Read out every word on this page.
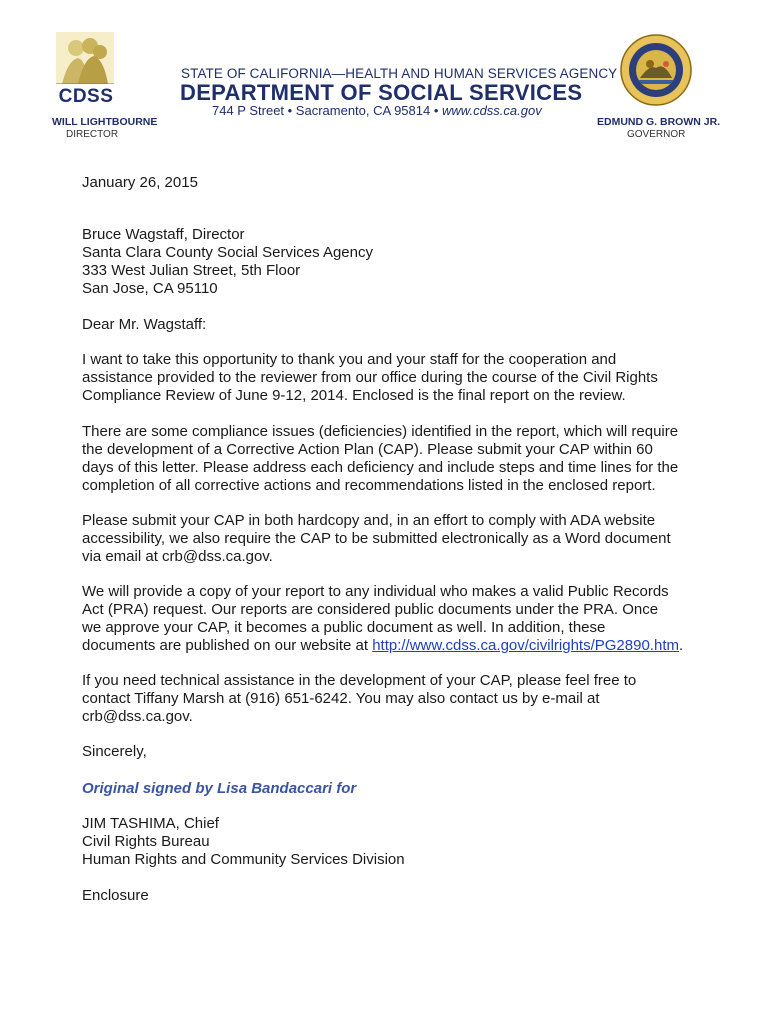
CDSS
WILL LIGHTBOURNE
DIRECTOR
STATE OF CALIFORNIA—HEALTH AND HUMAN SERVICES AGENCY
DEPARTMENT OF SOCIAL SERVICES
744 P Street • Sacramento, CA 95814 • www.cdss.ca.gov
EDMUND G. BROWN JR.
GOVERNOR
January 26, 2015

Bruce Wagstaff, Director

Santa Clara County Social Services Agency

333 West Julian Street, 5th Floor

San Jose, CA 95110

Dear Mr. Wagstaff:

I want to take this opportunity to thank you and your staff for the cooperation and

assistance provided to the reviewer from our office during the course of the Civil Rights

Compliance Review of June 9-12, 2014. Enclosed is the final report on the review.

There are some compliance issues (deficiencies) identified in the report, which will require

the development of a Corrective Action Plan (CAP). Please submit your CAP within 60

days of this letter. Please address each deficiency and include steps and time lines for the

completion of all corrective actions and recommendations listed in the enclosed report.

Please submit your CAP in both hardcopy and, in an effort to comply with ADA website

accessibility, we also require the CAP to be submitted electronically as a Word document

via email at crb@dss.ca.gov.

We will provide a copy of your report to any individual who makes a valid Public Records

Act (PRA) request. Our reports are considered public documents under the PRA. Once

we approve your CAP, it becomes a public document as well. In addition, these

documents are published on our website at http://www.cdss.ca.gov/civilrights/PG2890.htm.

If you need technical assistance in the development of your CAP, please feel free to

contact Tiffany Marsh at (916) 651-6242. You may also contact us by e-mail at

crb@dss.ca.gov.

Sincerely,
Original signed by Lisa Bandaccari for

JIM TASHIMA, Chief

Civil Rights Bureau

Human Rights and Community Services Division

Enclosure
